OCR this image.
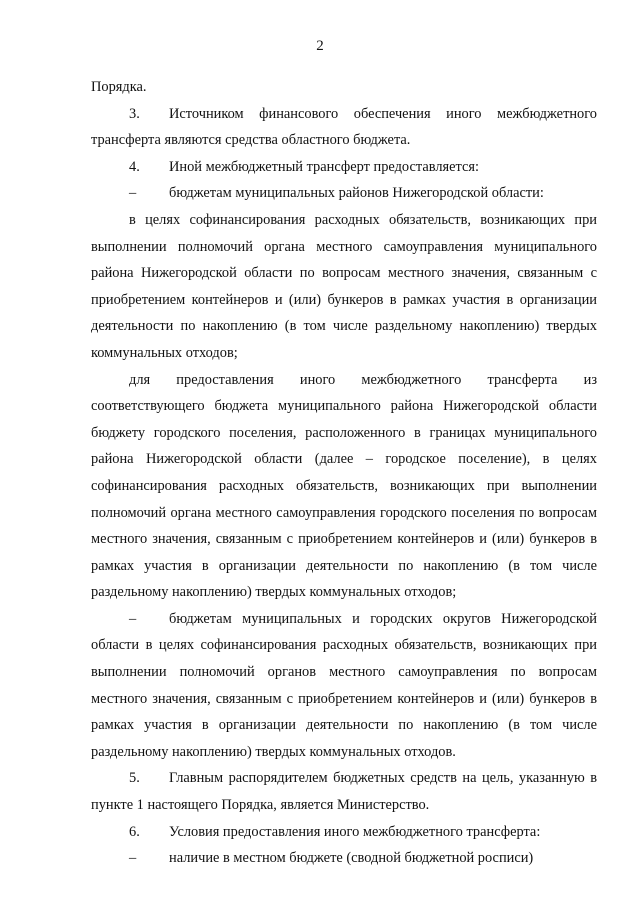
2

Порядка.

3. Источником финансового обеспечения иного межбюджетного трансферта являются средства областного бюджета.

4. Иной межбюджетный трансферт предоставляется:

– бюджетам муниципальных районов Нижегородской области:

в целях софинансирования расходных обязательств, возникающих при выполнении полномочий органа местного самоуправления муниципального района Нижегородской области по вопросам местного значения, связанным с приобретением контейнеров и (или) бункеров в рамках участия в организации деятельности по накоплению (в том числе раздельному накоплению) твердых коммунальных отходов;

для предоставления иного межбюджетного трансферта из соответствующего бюджета муниципального района Нижегородской области бюджету городского поселения, расположенного в границах муниципального района Нижегородской области (далее – городское поселение), в целях софинансирования расходных обязательств, возникающих при выполнении полномочий органа местного самоуправления городского поселения по вопросам местного значения, связанным с приобретением контейнеров и (или) бункеров в рамках участия в организации деятельности по накоплению (в том числе раздельному накоплению) твердых коммунальных отходов;

– бюджетам муниципальных и городских округов Нижегородской области в целях софинансирования расходных обязательств, возникающих при выполнении полномочий органов местного самоуправления по вопросам местного значения, связанным с приобретением контейнеров и (или) бункеров в рамках участия в организации деятельности по накоплению (в том числе раздельному накоплению) твердых коммунальных отходов.

5. Главным распорядителем бюджетных средств на цель, указанную в пункте 1 настоящего Порядка, является Министерство.

6. Условия предоставления иного межбюджетного трансферта:

– наличие в местном бюджете (сводной бюджетной росписи)
